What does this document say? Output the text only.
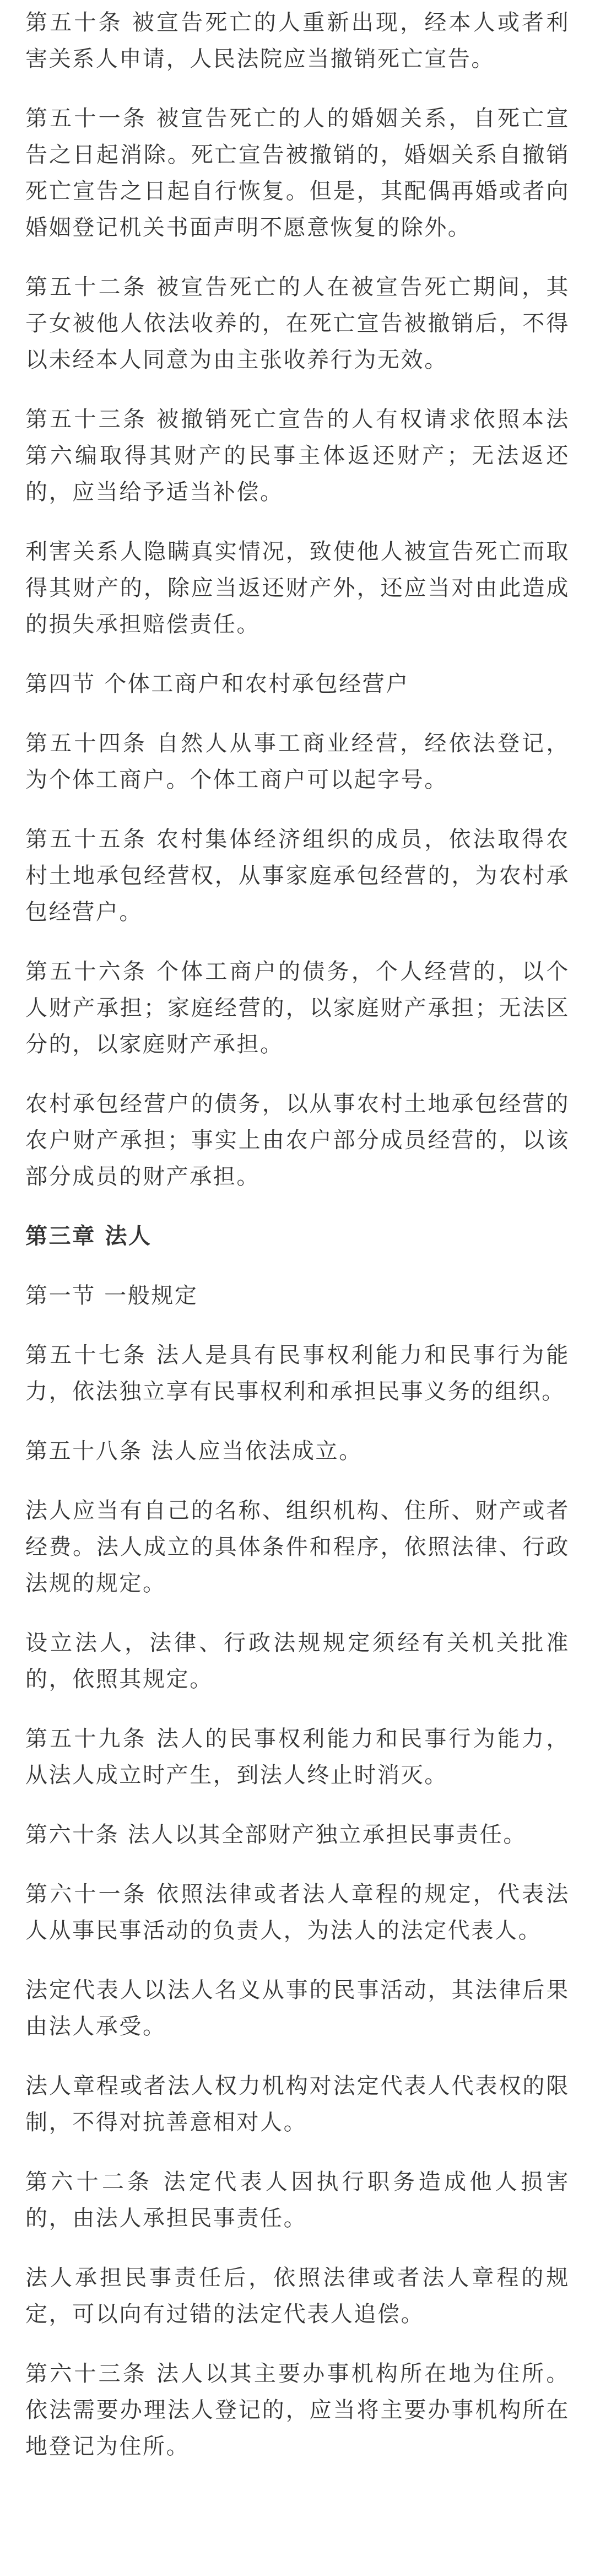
第五十条 被宣告死亡的人重新出现，经本人或者利害关系人申请，人民法院应当撤销死亡宣告。

第五十一条 被宣告死亡的人的婚姻关系，自死亡宣告之日起消除。死亡宣告被撤销的，婚姻关系自撤销死亡宣告之日起自行恢复。但是，其配偶再婚或者向婚姻登记机关书面声明不愿意恢复的除外。

第五十二条 被宣告死亡的人在被宣告死亡期间，其子女被他人依法收养的，在死亡宣告被撤销后，不得以未经本人同意为由主张收养行为无效。

第五十三条 被撤销死亡宣告的人有权请求依照本法第六编取得其财产的民事主体返还财产；无法返还的，应当给予适当补偿。

利害关系人隐瞒真实情况，致使他人被宣告死亡而取得其财产的，除应当返还财产外，还应当对由此造成的损失承担赔偿责任。

第四节 个体工商户和农村承包经营户

第五十四条 自然人从事工商业经营，经依法登记，为个体工商户。个体工商户可以起字号。

第五十五条 农村集体经济组织的成员，依法取得农村土地承包经营权，从事家庭承包经营的，为农村承包经营户。

第五十六条 个体工商户的债务，个人经营的，以个人财产承担；家庭经营的，以家庭财产承担；无法区分的，以家庭财产承担。

农村承包经营户的债务，以从事农村土地承包经营的农户财产承担；事实上由农户部分成员经营的，以该部分成员的财产承担。

第三章 法人

第一节 一般规定

第五十七条 法人是具有民事权利能力和民事行为能力，依法独立享有民事权利和承担民事义务的组织。

第五十八条 法人应当依法成立。

法人应当有自己的名称、组织机构、住所、财产或者经费。法人成立的具体条件和程序，依照法律、行政法规的规定。

设立法人，法律、行政法规规定须经有关机关批准的，依照其规定。

第五十九条 法人的民事权利能力和民事行为能力，从法人成立时产生，到法人终止时消灭。

第六十条 法人以其全部财产独立承担民事责任。

第六十一条 依照法律或者法人章程的规定，代表法人从事民事活动的负责人，为法人的法定代表人。

法定代表人以法人名义从事的民事活动，其法律后果由法人承受。

法人章程或者法人权力机构对法定代表人代表权的限制，不得对抗善意相对人。

第六十二条 法定代表人因执行职务造成他人损害的，由法人承担民事责任。

法人承担民事责任后，依照法律或者法人章程的规定，可以向有过错的法定代表人追偿。

第六十三条 法人以其主要办事机构所在地为住所。依法需要办理法人登记的，应当将主要办事机构所在地登记为住所。
